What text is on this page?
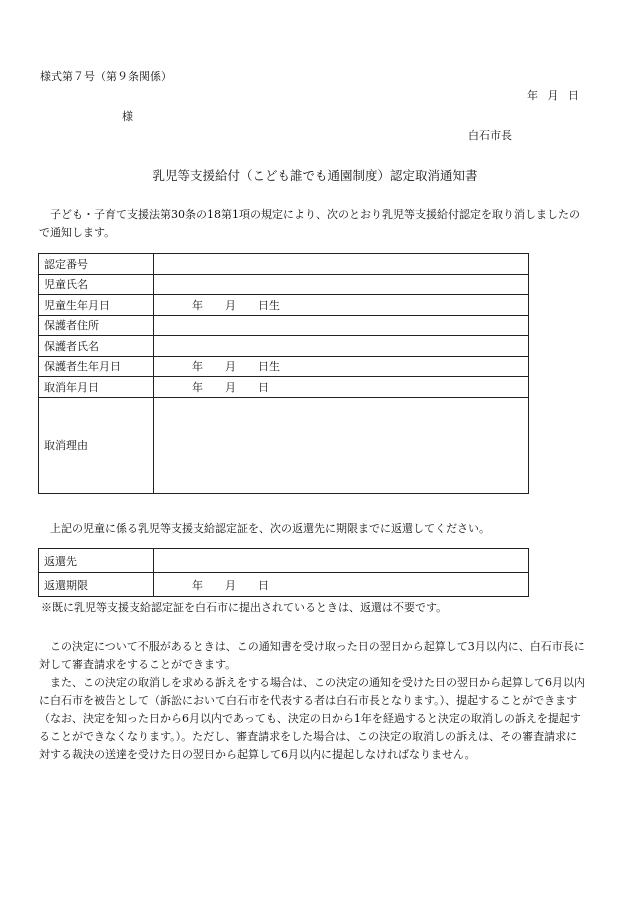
様式第７号（第９条関係）
年 月 日
様
白石市長
乳児等支援給付（こども誰でも通園制度）認定取消通知書
子ども・子育て支援法第30条の18第1項の規定により、次のとおり乳児等支援給付認定を取り消しましたので通知します。
認定番号	
児童氏名	
児童生年月日	年 月 日生
保護者住所	
保護者氏名	
保護者生年月日	年 月 日生
取消年月日	年 月 日
取消理由	
上記の児童に係る乳児等支援支給認定証を、次の返還先に期限までに返還してください。
返還先	
返還期限	年 月 日
※既に乳児等支援支給認定証を白石市に提出されているときは、返還は不要です。
この決定について不服があるときは、この通知書を受け取った日の翌日から起算して3月以内に、白石市長に対して審査請求をすることができます。
また、この決定の取消しを求める訴えをする場合は、この決定の通知を受けた日の翌日から起算して6月以内に白石市を被告として（訴訟において白石市を代表する者は白石市長となります。）、提起することができます（なお、決定を知った日から6月以内であっても、決定の日から1年を経過すると決定の取消しの訴えを提起することができなくなります。）。ただし、審査請求をした場合は、この決定の取消しの訴えは、その審査請求に対する裁決の送達を受けた日の翌日から起算して6月以内に提起しなければなりません。
